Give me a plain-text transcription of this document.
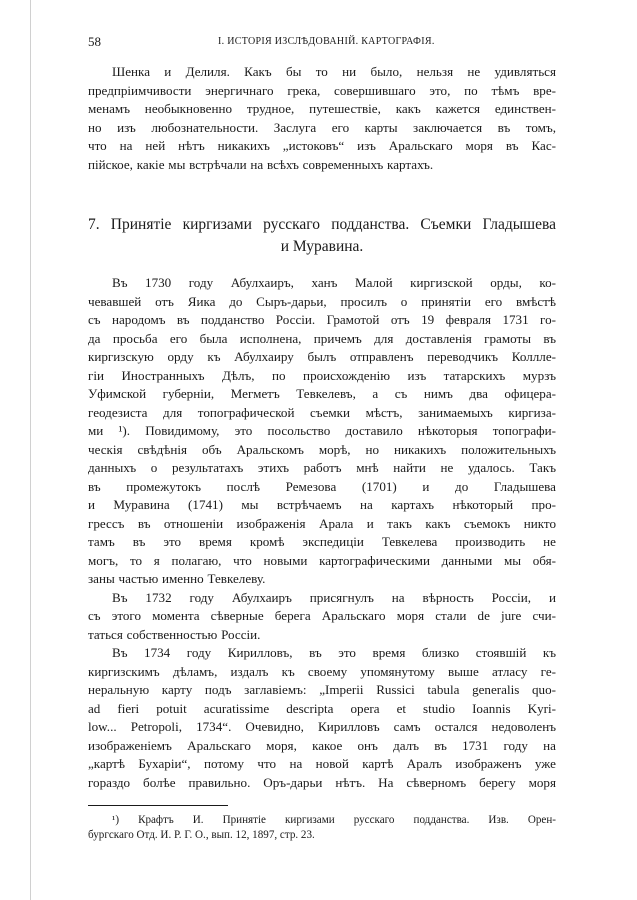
58	I. ИСТОРІЯ ИЗСЛѢДОВАНІЙ. КАРТОГРАФІЯ.
Шенка и Делиля. Какъ бы то ни было, нельзя не удивляться
предпріимчивости энергичнаго грека, совершившаго это, по тѣмъ вре-
менамъ необыкновенно трудное, путешествіе, какъ кажется единствен-
но изъ любознательности. Заслуга его карты заключается въ томъ,
что на ней нѣтъ никакихъ „истоковъ“ изъ Аральскаго моря въ Кас-
пійское, какіе мы встрѣчали на всѣхъ современныхъ картахъ.
7. Принятіе киргизами русскаго подданства. Съемки Гладышева
и Муравина.
Въ 1730 году Абулхаиръ, ханъ Малой киргизской орды, ко-
чевавшей отъ Яика до Сыръ-дарьи, просилъ о принятіи его вмѣстѣ
съ народомъ въ подданство Россіи. Грамотой отъ 19 февраля 1731 го-
да просьба его была исполнена, причемъ для доставленія грамоты въ
киргизскую орду къ Абулхаиру былъ отправленъ переводчикъ Коллле-
гіи Иностранныхъ Дѣлъ, по происхожденію изъ татарскихъ мурзъ
Уфимской губерніи, Мегметъ Тевкелевъ, а съ нимъ два офицера-
геодезиста для топографической съемки мѣстъ, занимаемыхъ киргиза-
ми ¹). Повидимому, это посольство доставило нѣкоторыя топографи-
ческія свѣдѣнія объ Аральскомъ морѣ, но никакихъ положительныхъ
данныхъ о результатахъ этихъ работъ мнѣ найти не удалось. Такъ
въ промежутокъ послѣ Ремезова (1701) и до Гладышева
и Муравина (1741) мы встрѣчаемъ на картахъ нѣкоторый про-
грессъ въ отношеніи изображенія Арала и такъ какъ съемокъ никто
тамъ въ это время кромѣ экспедиціи Тевкелева производить не
могъ, то я полагаю, что новыми картографическими данными мы обя-
заны частью именно Тевкелеву.
Въ 1732 году Абулхаиръ присягнулъ на вѣрность Россіи, и
съ этого момента сѣверные берега Аральскаго моря стали de jure счи-
таться собственностью Россіи.
Въ 1734 году Кирилловъ, въ это время близко стоявшій къ
киргизскимъ дѣламъ, издалъ къ своему упомянутому выше атласу ге-
неральную карту подъ заглавіемъ: „Imperii Russici tabula generalis quo-
ad fieri potuit acuratissime descripta opera et studio Ioannis Kyri-
low... Petropoli, 1734“. Очевидно, Кирилловъ самъ остался недоволенъ
изображеніемъ Аральскаго моря, какое онъ далъ въ 1731 году на
„картѣ Бухаріи“, потому что на новой картѣ Аралъ изображенъ уже
гораздо болѣе правильно. Оръ-дарьи нѣтъ. На сѣверномъ берегу моря
¹) Крафтъ И. Принятіе киргизами русскаго подданства. Изв. Орен-
бургскаго Отд. И. Р. Г. О., вып. 12, 1897, стр. 23.
